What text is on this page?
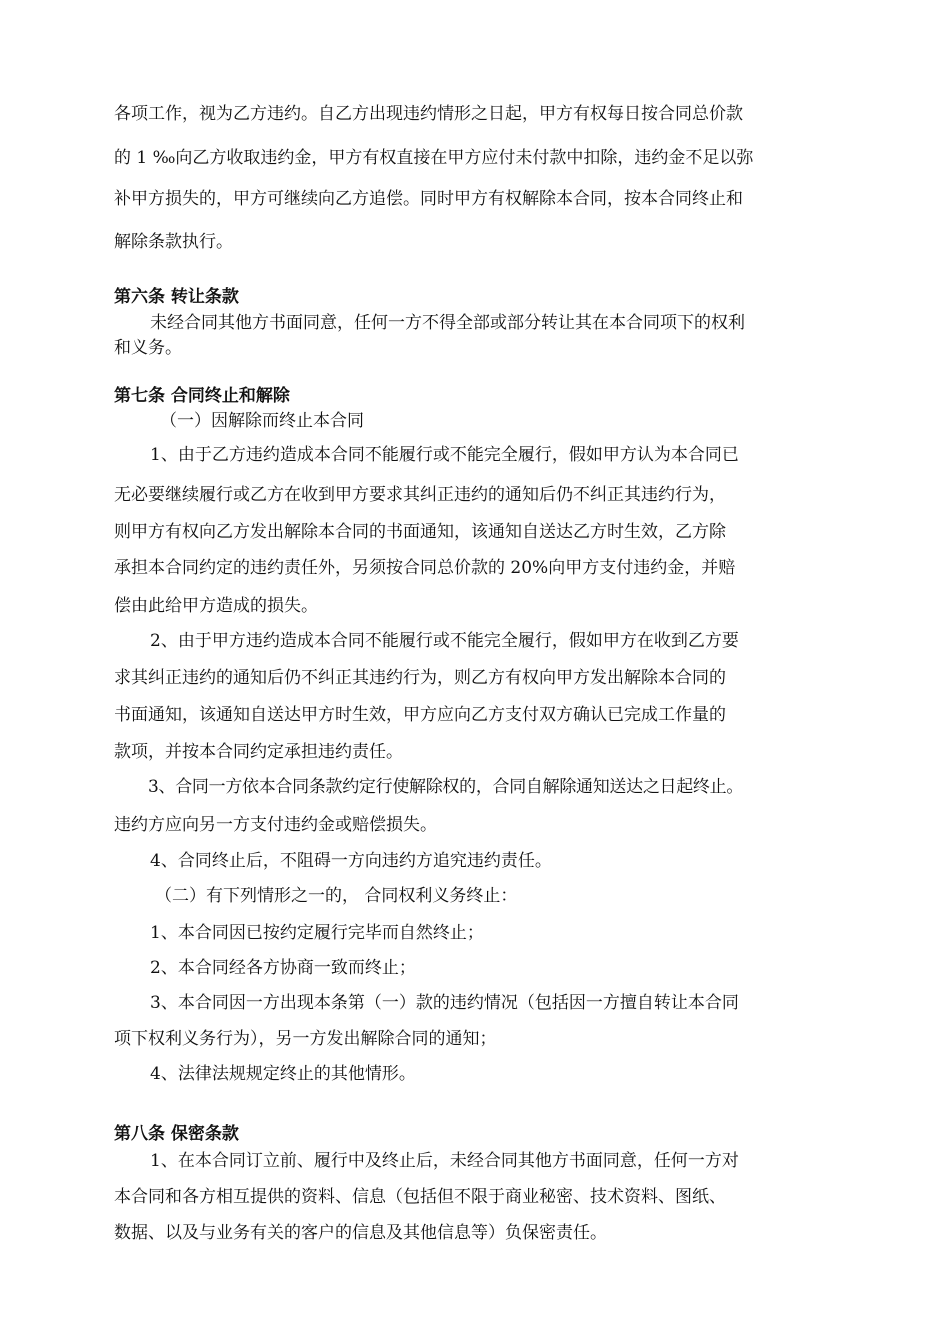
各项工作，视为乙方违约。自乙方出现违约情形之日起，甲方有权每日按合同总价款
的 1 ‰向乙方收取违约金，甲方有权直接在甲方应付未付款中扣除，违约金不足以弥
补甲方损失的，甲方可继续向乙方追偿。同时甲方有权解除本合同，按本合同终止和
解除条款执行。
第六条 转让条款
未经合同其他方书面同意，任何一方不得全部或部分转让其在本合同项下的权利
和义务。
第七条 合同终止和解除
（一）因解除而终止本合同
1、由于乙方违约造成本合同不能履行或不能完全履行，假如甲方认为本合同已
无必要继续履行或乙方在收到甲方要求其纠正违约的通知后仍不纠正其违约行为，
则甲方有权向乙方发出解除本合同的书面通知，该通知自送达乙方时生效，乙方除
承担本合同约定的违约责任外，另须按合同总价款的 20%向甲方支付违约金，并赔
偿由此给甲方造成的损失。
2、由于甲方违约造成本合同不能履行或不能完全履行，假如甲方在收到乙方要
求其纠正违约的通知后仍不纠正其违约行为，则乙方有权向甲方发出解除本合同的
书面通知，该通知自送达甲方时生效，甲方应向乙方支付双方确认已完成工作量的
款项，并按本合同约定承担违约责任。
3、合同一方依本合同条款约定行使解除权的，合同自解除通知送达之日起终止。
违约方应向另一方支付违约金或赔偿损失。
4、合同终止后，不阻碍一方向违约方追究违约责任。
（二）有下列情形之一的， 合同权利义务终止：
1、本合同因已按约定履行完毕而自然终止；
2、本合同经各方协商一致而终止；
3、本合同因一方出现本条第（一）款的违约情况（包括因一方擅自转让本合同
项下权利义务行为），另一方发出解除合同的通知；
4、法律法规规定终止的其他情形。
第八条 保密条款
1、在本合同订立前、履行中及终止后，未经合同其他方书面同意，任何一方对
本合同和各方相互提供的资料、信息（包括但不限于商业秘密、技术资料、图纸、
数据、以及与业务有关的客户的信息及其他信息等）负保密责任。
